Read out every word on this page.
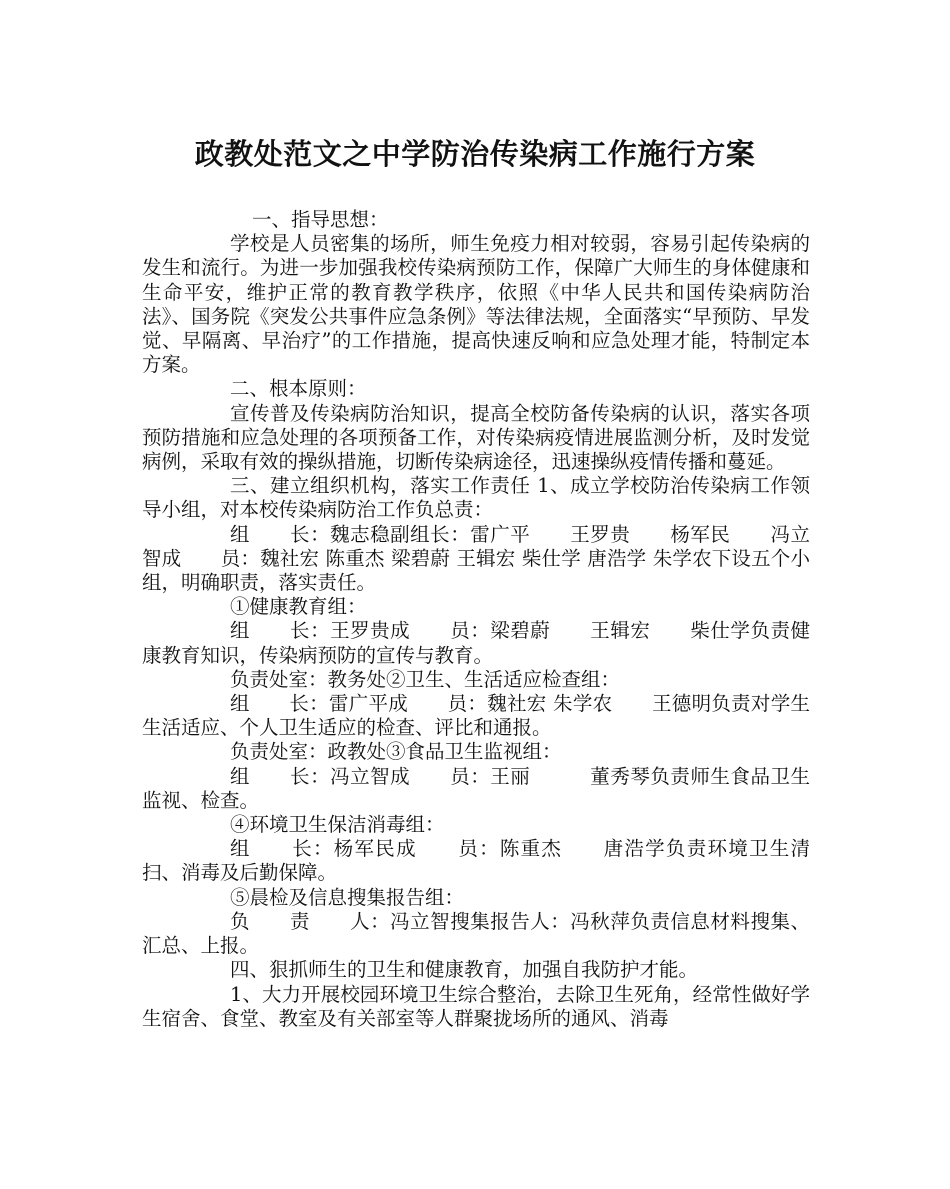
政教处范文之中学防治传染病工作施行方案

一、指导思想：

学校是人员密集的场所，师生免疫力相对较弱，容易引起传染病的发生和流行。为进一步加强我校传染病预防工作，保障广大师生的身体健康和生命平安，维护正常的教育教学秩序，依照《中华人民共和国传染病防治法》、国务院《突发公共事件应急条例》等法律法规，全面落实“早预防、早发觉、早隔离、早治疗”的工作措施，提高快速反响和应急处理才能，特制定本方案。

二、根本原则：

宣传普及传染病防治知识，提高全校防备传染病的认识，落实各项预防措施和应急处理的各项预备工作，对传染病疫情进展监测分析，及时发觉病例，采取有效的操纵措施，切断传染病途径，迅速操纵疫情传播和蔓延。

三、建立组织机构，落实工作责任 1、成立学校防治传染病工作领导小组，对本校传染病防治工作负总责：

组　　长：魏志稳副组长：雷广平　　王罗贵　　杨军民　　冯立智成　　员：魏社宏 陈重杰 梁碧蔚 王辑宏 柴仕学 唐浩学 朱学农下设五个小组，明确职责，落实责任。

①健康教育组：

组　　长：王罗贵成　　员：梁碧蔚　　王辑宏　　柴仕学负责健康教育知识，传染病预防的宣传与教育。

负责处室：教务处②卫生、生活适应检查组：

组　　长：雷广平成　　员：魏社宏 朱学农　　王德明负责对学生生活适应、个人卫生适应的检查、评比和通报。

负责处室：政教处③食品卫生监视组：

组　　长：冯立智成　　员：王丽　　　董秀琴负责师生食品卫生监视、检查。

④环境卫生保洁消毒组：

组　　长：杨军民成　　员：陈重杰　　唐浩学负责环境卫生清扫、消毒及后勤保障。

⑤晨检及信息搜集报告组：

负　　责　　人：冯立智搜集报告人：冯秋萍负责信息材料搜集、汇总、上报。

四、狠抓师生的卫生和健康教育，加强自我防护才能。

1、大力开展校园环境卫生综合整治，去除卫生死角，经常性做好学生宿舍、食堂、教室及有关部室等人群聚拢场所的通风、消毒
